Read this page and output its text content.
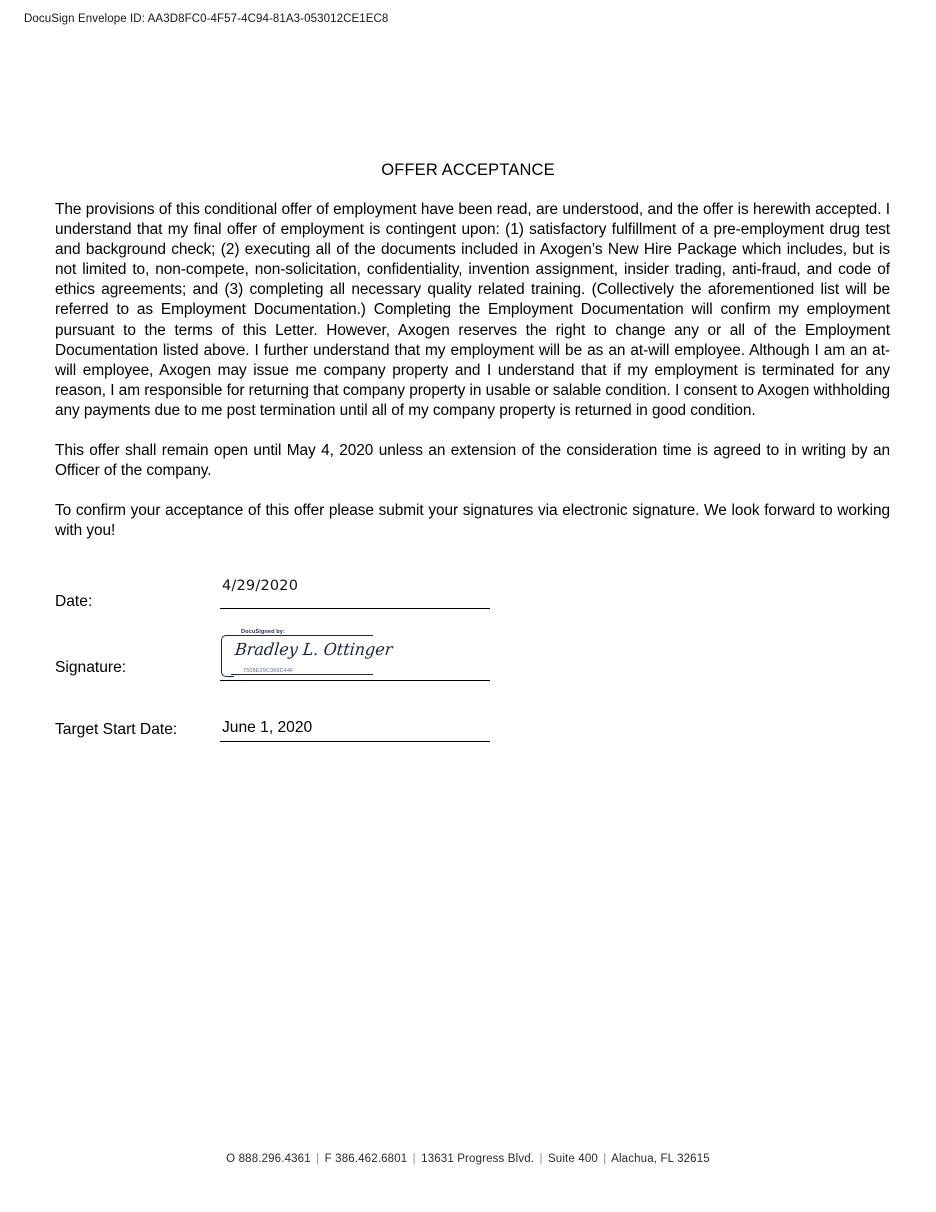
DocuSign Envelope ID: AA3D8FC0-4F57-4C94-81A3-053012CE1EC8
OFFER ACCEPTANCE

The provisions of this conditional offer of employment have been read, are understood, and the offer is herewith accepted. I understand that my final offer of employment is contingent upon: (1) satisfactory fulfillment of a pre-employment drug test and background check; (2) executing all of the documents included in Axogen’s New Hire Package which includes, but is not limited to, non-compete, non-solicitation, confidentiality, invention assignment, insider trading, anti-fraud, and code of ethics agreements; and (3) completing all necessary quality related training. (Collectively the aforementioned list will be referred to as Employment Documentation.) Completing the Employment Documentation will confirm my employment pursuant to the terms of this Letter. However, Axogen reserves the right to change any or all of the Employment Documentation listed above. I further understand that my employment will be as an at-will employee. Although I am an at-will employee, Axogen may issue me company property and I understand that if my employment is terminated for any reason, I am responsible for returning that company property in usable or salable condition. I consent to Axogen withholding any payments due to me post termination until all of my company property is returned in good condition.

This offer shall remain open until May 4, 2020 unless an extension of the consideration time is agreed to in writing by an Officer of the company.

To confirm your acceptance of this offer please submit your signatures via electronic signature. We look forward to working with you!

Date:
4/29/2020
Signature:
DocuSigned by:
Bradley L. Ottinger
7508E29C366C44F
Target Start Date:	June 1, 2020
O 888.296.4361 | F 386.462.6801 | 13631 Progress Blvd. | Suite 400 | Alachua, FL 32615
